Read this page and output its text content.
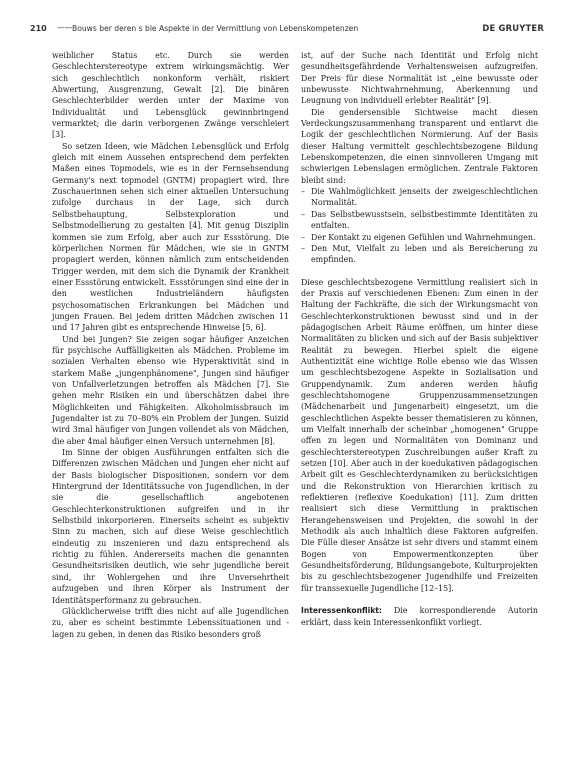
210 —— Bouws ber deren s ble Aspekte in der Vermittlung von Lebenskompetenzen	DE GRUYTER

weiblicher Status etc. Durch sie werden Geschlechterstereotype extrem wirkungsmächtig. Wer sich geschlechtlich nonkonform verhält, riskiert Abwertung, Ausgrenzung, Gewalt [2]. Die binären Geschlechterbilder werden unter der Maxime von Individualität und Lebensglück gewinnbringend vermarktet; die darin verborgenen Zwänge verschleiert [3].

So setzen Ideen, wie Mädchen Lebensglück und Erfolg gleich mit einem Aussehen entsprechend dem perfekten Maßen eines Topmodels, wie es in der Fernsehsendung Germany's next topmodel (GNTM) propagiert wird. Ihre Zuschauerinnen sehen sich einer aktuellen Untersuchung zufolge durchaus in der Lage, sich durch Selbstbehauptung, Selbstexploration und Selbstmodellierung zu gestalten [4]. Mit genug Disziplin kommen sie zum Erfolg, aber auch zur Essstörung. Die körperlichen Normen für Mädchen, wie sie in GNTM propagiert werden, können nämlich zum entscheidenden Trigger werden, mit dem sich die Dynamik der Krankheit einer Essstörung entwickelt. Essstörungen sind eine der in den westlichen Industrieländern häufigsten psychosomatischen Erkrankungen bei Mädchen und jungen Frauen. Bei jedem dritten Mädchen zwischen 11 und 17 Jahren gibt es entsprechende Hinweise [5, 6].

Und bei Jungen? Sie zeigen sogar häufiger Anzeichen für psychische Auffälligkeiten als Mädchen. Probleme im sozialen Verhalten ebenso wie Hyperaktivität sind in starkem Maße „jungenphänomene", Jungen sind häufiger von Unfallverletzungen betroffen als Mädchen [7]. Sie gehen mehr Risiken ein und überschätzen dabei ihre Möglichkeiten und Fähigkeiten. Alkoholmissbrauch im Jugendalter ist zu 70–80% ein Problem der Jungen. Suizid wird 3mal häufiger von Jungen vollendet als von Mädchen, die aber 4mal häufiger einen Versuch unternehmen [8].

Im Sinne der obigen Ausführungen entfalten sich die Differenzen zwischen Mädchen und Jungen eher nicht auf der Basis biologischer Dispositionen, sondern vor dem Hintergrund der Identitätssuche von Jugendlichen, in der sie die gesellschaftlich angebotenen Geschlechterkonstruktionen aufgreifen und in ihr Selbstbild inkorporieren. Einerseits scheint es subjektiv Sinn zu machen, sich auf diese Weise geschlechtlich eindeutig zu inszenieren und dazu entsprechend als richtig zu fühlen. Andererseits machen die genannten Gesundheitsrisiken deutlich, wie sehr jugendliche bereit sind, ihr Wohlergehen und ihre Unversehrtheit aufzugeben und ihren Körper als Instrument der Identitätsperformanz zu gebrauchen.

Glücklicherweise trifft dies nicht auf alle Jugendlichen zu, aber es scheint bestimmte Lebenssituationen und -lagen zu geben, in denen das Risiko besonders groß

ist, auf der Suche nach Identität und Erfolg nicht gesundheitsgefährdende Verhaltensweisen aufzugreifen. Der Preis für diese Normalität ist „eine bewusste oder unbewusste Nichtwahrnehmung, Aberkennung und Leugnung von individuell erlebter Realität" [9].

Die gendersensible Sichtweise macht diesen Verdeckungszusammenhang transparent und entlarvt die Logik der geschlechtlichen Normierung. Auf der Basis dieser Haltung vermittelt geschlechtsbezogene Bildung Lebenskompetenzen, die einen sinnvolleren Umgang mit schwierigen Lebenslagen ermöglichen. Zentrale Faktoren bleibt sind:

– Die Wahlmöglichkeit jenseits der zweigeschlechtlichen Normalität.
– Das Selbstbewusstsein, selbstbestimmte Identitäten zu entfalten.
– Der Kontakt zu eigenen Gefühlen und Wahrnehmungen.
– Den Mut, Vielfalt zu leben und als Bereicherung zu empfinden.

Diese geschlechtsbezogene Vermittlung realisiert sich in der Praxis auf verschiedenen Ebenen: Zum einen in der Haltung der Fachkräfte, die sich der Wirkungsmacht von Geschlechterkonstruktionen bewusst sind und in der pädagogischen Arbeit Räume eröffnen, um hinter diese Normalitäten zu blicken und sich auf der Basis subjektiver Realität zu bewegen. Hierbei spielt die eigene Authentizität eine wichtige Rolle ebenso wie das Wissen um geschlechtsbezogene Aspekte in Sozialisation und Gruppendynamik. Zum anderen werden häufig geschlechtshomogene Gruppenzusammensetzungen (Mädchenarbeit und Jungenarbeit) eingesetzt, um die geschlechtlichen Aspekte besser thematisieren zu können, um Vielfalt innerhalb der scheinbar „homogenen" Gruppe offen zu legen und Normalitäten von Dominanz und geschlechterstereotypen Zuschreibungen außer Kraft zu setzen [10]. Aber auch in der koedukativen pädagogischen Arbeit gilt es Geschlechterdynamiken zu berücksichtigen und die Rekonstruktion von Hierarchien kritisch zu reflektieren (reflexive Koedukation) [11]. Zum dritten realisiert sich diese Vermittlung in praktischen Herangehensweisen und Projekten, die sowohl in der Methodik als auch inhaltlich diese Faktoren aufgreifen. Die Fülle dieser Ansätze ist sehr divers und stammt einem Bogen von Empowermentkonzepten über Gesundheitsförderung, Bildungsangebote, Kulturprojekten bis zu geschlechtsbezogener Jugendhilfe und Freizeiten für transsexuelle Jugendliche [12–15].

Interessenkonflikt: Die korrespondierende Autorin erklärt, dass kein Interessenkonflikt vorliegt.
